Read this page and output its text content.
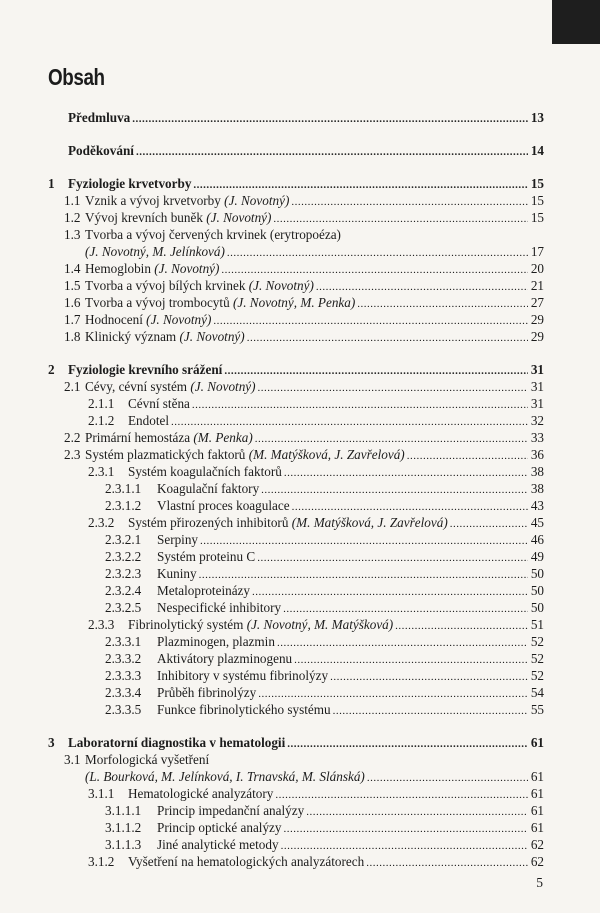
Obsah
Předmluva .....	13
Poděkování .....	14
1	Fyziologie krvetvorby .....	15
1.1 Vznik a vývoj krvetvorby (J. Novotný) .....	15
1.2 Vývoj krevních buněk (J. Novotný) .....	15
1.3 Tvorba a vývoj červených krvinek (erytropoéza)
(J. Novotný, M. Jelínková) .....	17
1.4 Hemoglobin (J. Novotný) .....	20
1.5 Tvorba a vývoj bílých krvinek (J. Novotný) .....	21
1.6 Tvorba a vývoj trombocytů (J. Novotný, M. Penka) .....	27
1.7 Hodnocení (J. Novotný) .....	29
1.8 Klinický význam (J. Novotný) .....	29
2	Fyziologie krevního srážení .....	31
2.1 Cévy, cévní systém (J. Novotný) .....	31
2.1.1	Cévní stěna .....	31
2.1.2	Endotel .....	32
2.2 Primární hemostáza (M. Penka) .....	33
2.3 Systém plazmatických faktorů (M. Matýšková, J. Zavřelová) .....	36
2.3.1	Systém koagulačních faktorů .....	38
2.3.1.1	Koagulační faktory .....	38
2.3.1.2	Vlastní proces koagulace .....	43
2.3.2	Systém přirozených inhibitorů (M. Matýšková, J. Zavřelová) .....	45
2.3.2.1	Serpiny .....	46
2.3.2.2	Systém proteinu C .....	49
2.3.2.3	Kuniny .....	50
2.3.2.4	Metaloproteinázy .....	50
2.3.2.5	Nespecifické inhibitory .....	50
2.3.3	Fibrinolytický systém (J. Novotný, M. Matýšková) .....	51
2.3.3.1	Plazminogen, plazmin .....	52
2.3.3.2	Aktivátory plazminogenu .....	52
2.3.3.3	Inhibitory v systému fibrinolýzy .....	52
2.3.3.4	Průběh fibrinolýzy .....	54
2.3.3.5	Funkce fibrinolytického systému .....	55
3	Laboratorní diagnostika v hematologii .....	61
3.1 Morfologická vyšetření
(L. Bourková, M. Jelínková, I. Trnavská, M. Slánská) .....	61
3.1.1	Hematologické analyzátory .....	61
3.1.1.1	Princip impedanční analýzy .....	61
3.1.1.2	Princip optické analýzy .....	61
3.1.1.3	Jiné analytické metody .....	62
3.1.2	Vyšetření na hematologických analyzátorech .....	62
5
